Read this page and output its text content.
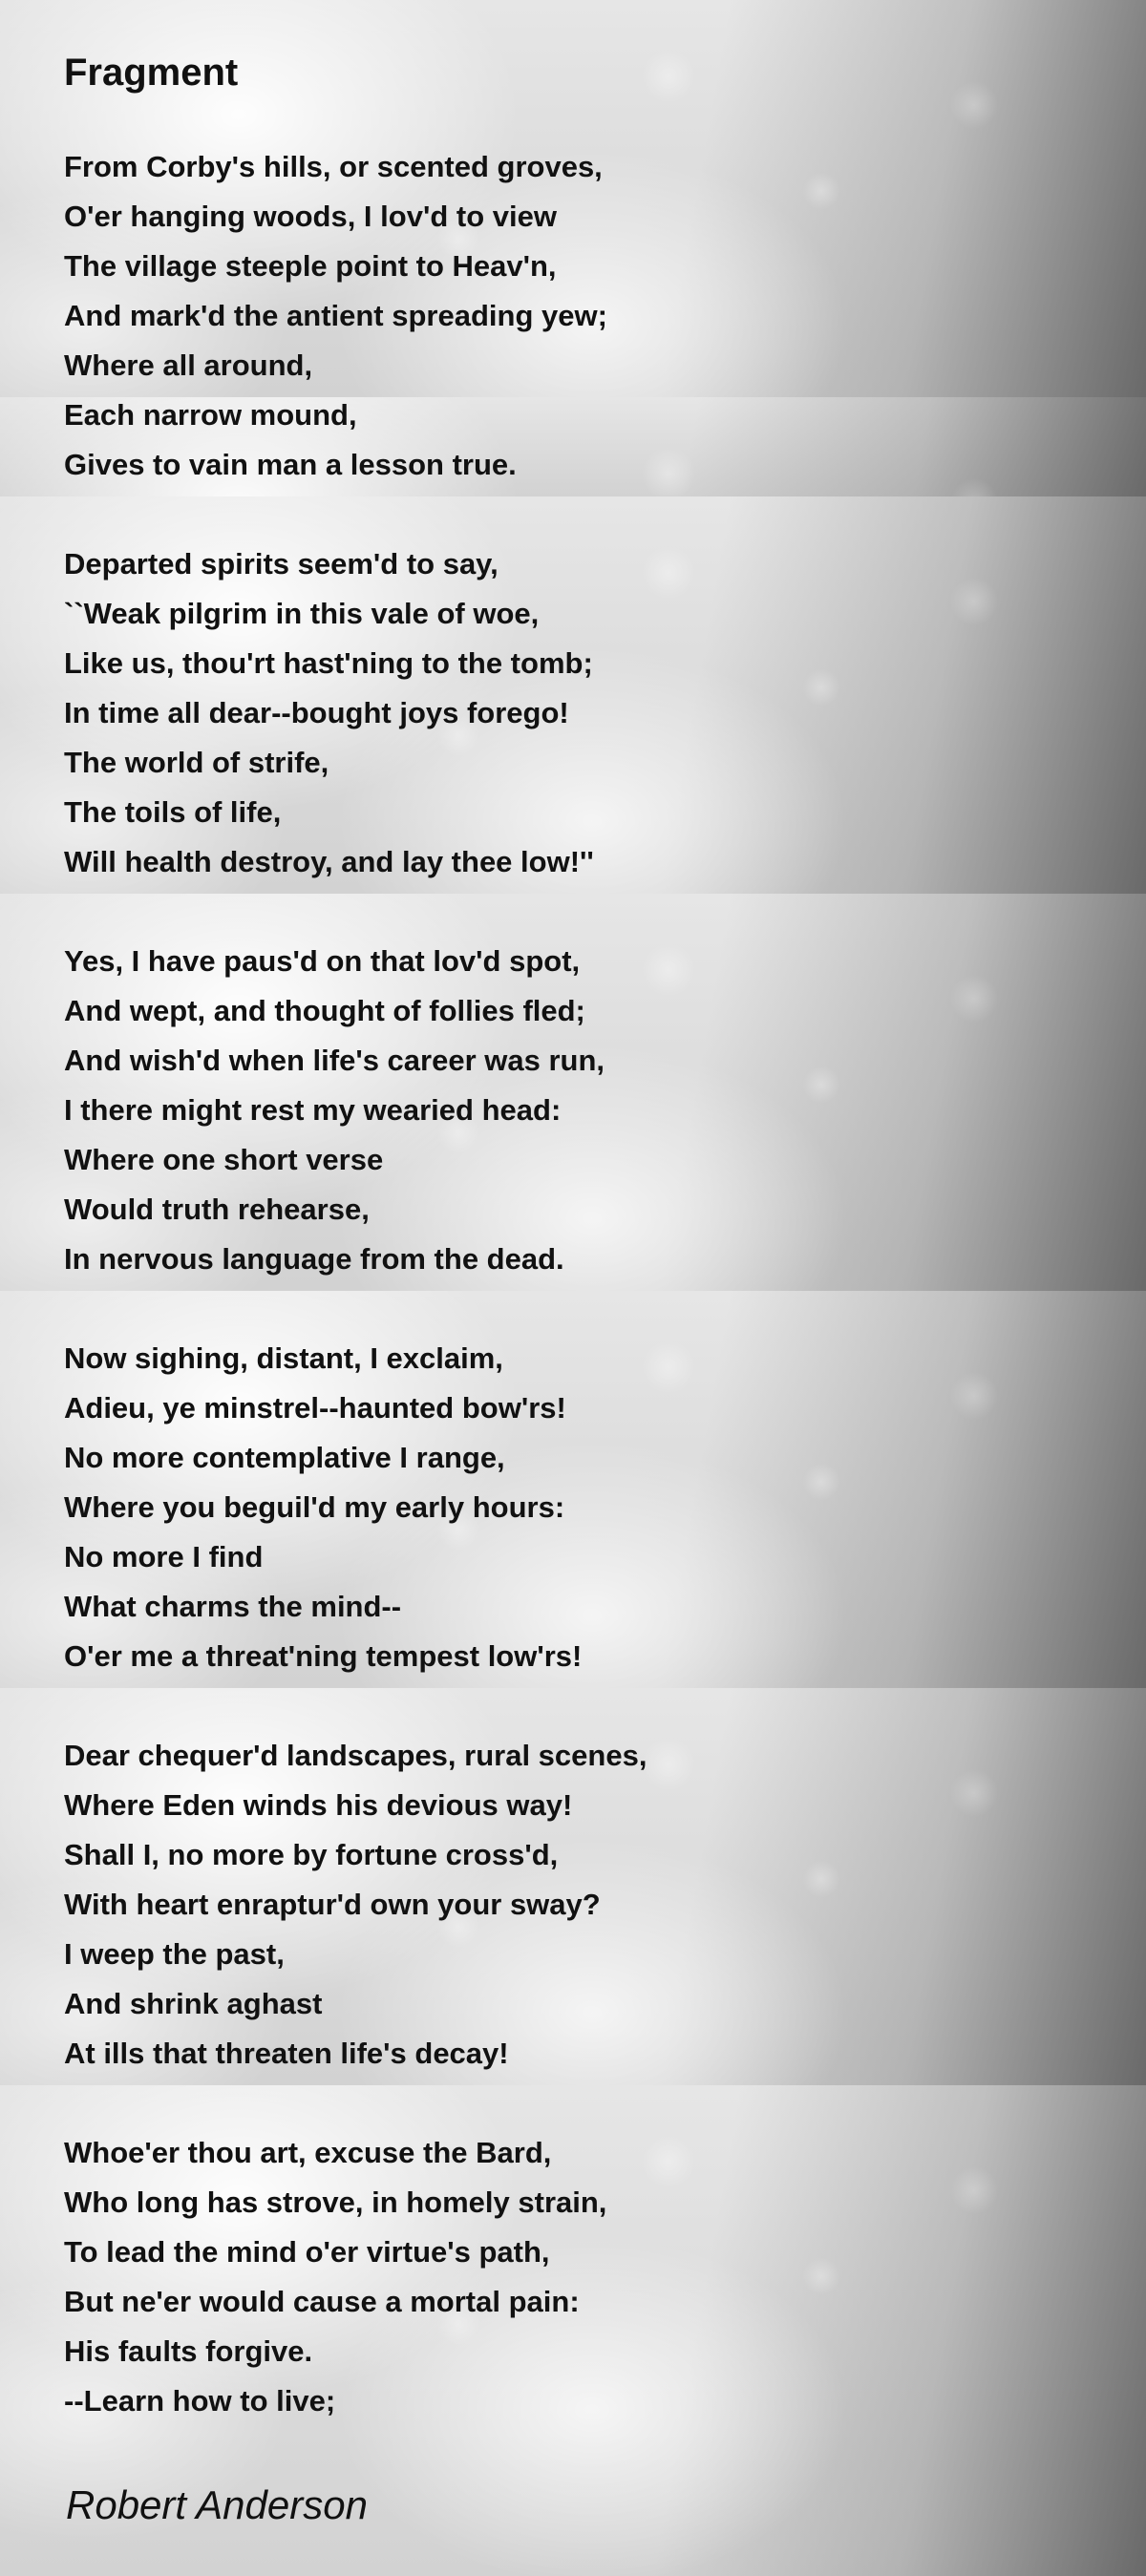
Fragment
From Corby's hills, or scented groves,
O'er hanging woods, I lov'd to view
The village steeple point to Heav'n,
And mark'd the antient spreading yew;
Where all around,
Each narrow mound,
Gives to vain man a lesson true.
Departed spirits seem'd to say,
``Weak pilgrim in this vale of woe,
Like us, thou'rt hast'ning to the tomb;
In time all dear--bought joys forego!
The world of strife,
The toils of life,
Will health destroy, and lay thee low!''
Yes, I have paus'd on that lov'd spot,
And wept, and thought of follies fled;
And wish'd when life's career was run,
I there might rest my wearied head:
Where one short verse
Would truth rehearse,
In nervous language from the dead.
Now sighing, distant, I exclaim,
Adieu, ye minstrel--haunted bow'rs!
No more contemplative I range,
Where you beguil'd my early hours:
No more I find
What charms the mind--
O'er me a threat'ning tempest low'rs!
Dear chequer'd landscapes, rural scenes,
Where Eden winds his devious way!
Shall I, no more by fortune cross'd,
With heart enraptur'd own your sway?
I weep the past,
And shrink aghast
At ills that threaten life's decay!
Whoe'er thou art, excuse the Bard,
Who long has strove, in homely strain,
To lead the mind o'er virtue's path,
But ne'er would cause a mortal pain:
His faults forgive.
--Learn how to live;

Robert Anderson
